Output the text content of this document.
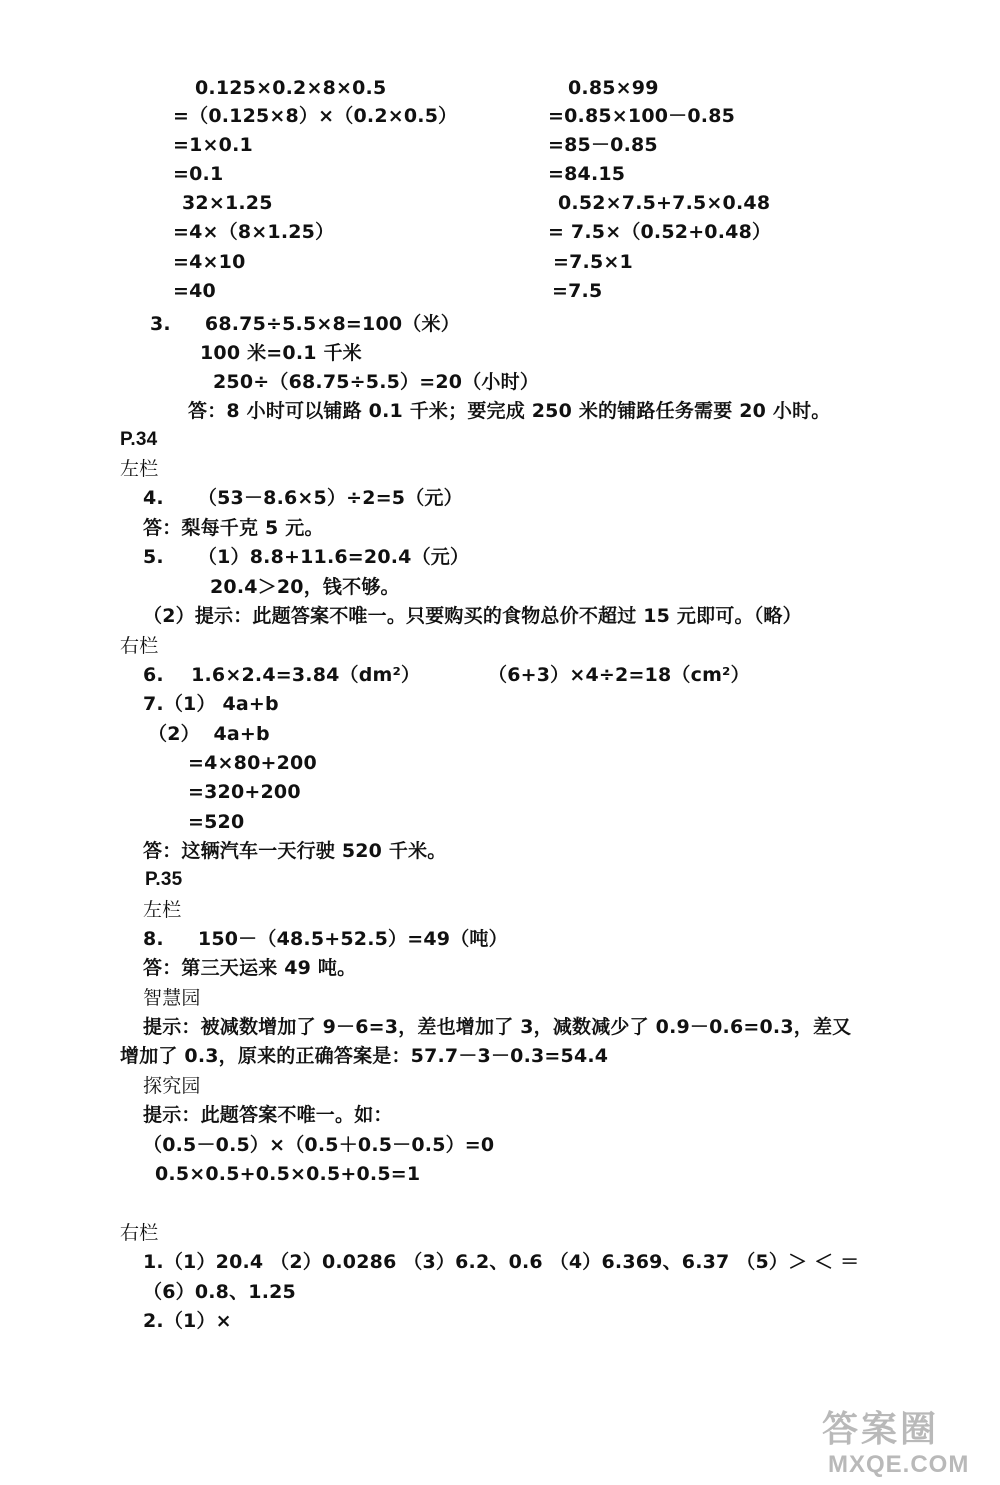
0.125×0.2×8×0.5	0.85×99
=（0.125×8）×（0.2×0.5）	=0.85×100－0.85
=1×0.1	=85－0.85
=0.1	=84.15
32×1.25	0.52×7.5+7.5×0.48
=4×（8×1.25）	= 7.5×（0.52+0.48）
=4×10	=7.5×1
=40	=7.5
3.     68.75÷5.5×8=100（米）
100 米=0.1 千米
250÷（68.75÷5.5）=20（小时）
答：8 小时可以铺路 0.1 千米；要完成 250 米的铺路任务需要 20 小时。
P.34
左栏
4.     （53－8.6×5）÷2=5（元）
答：梨每千克 5 元。
5.     （1）8.8+11.6=20.4（元）
20.4＞20，钱不够。
（2）提示：此题答案不唯一。只要购买的食物总价不超过 15 元即可。（略）
右栏
6.    1.6×2.4=3.84（dm²）	（6+3）×4÷2=18（cm²）
7.（1） 4a+b
（2）  4a+b
=4×80+200
=320+200
=520
答：这辆汽车一天行驶 520 千米。
P.35
左栏
8.     150－（48.5+52.5）=49（吨）
答：第三天运来 49 吨。
智慧园
提示：被减数增加了 9－6=3，差也增加了 3，减数减少了 0.9－0.6=0.3，差又
增加了 0.3，原来的正确答案是：57.7－3－0.3=54.4
探究园
提示：此题答案不唯一。如：
（0.5－0.5）×（0.5＋0.5－0.5）=0
0.5×0.5+0.5×0.5+0.5=1
右栏
1.（1）20.4 （2）0.0286 （3）6.2、0.6 （4）6.369、6.37 （5）＞ ＜ ＝
（6）0.8、1.25
2.（1）×
答案圈
MXQE.COM
